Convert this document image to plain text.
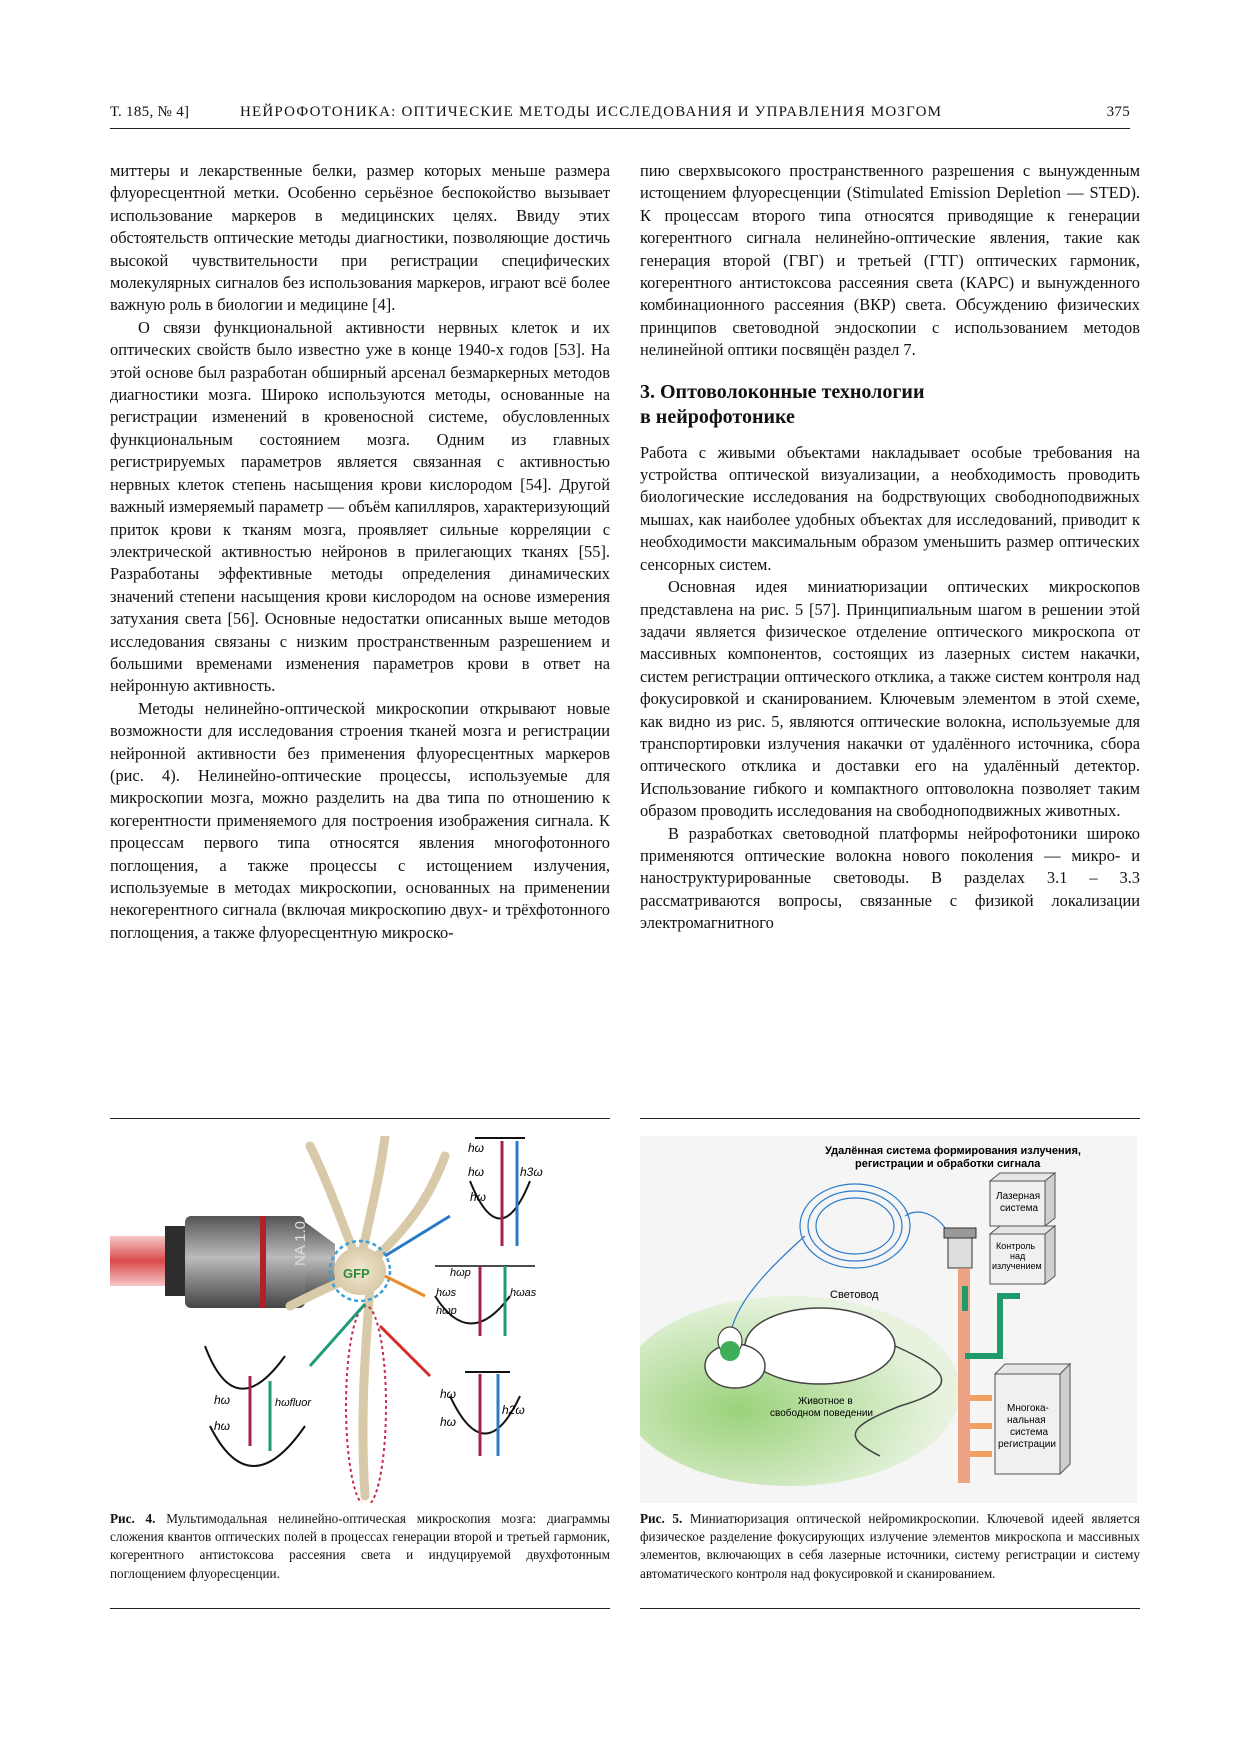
Т. 185, № 4]	НЕЙРОФОТОНИКА: ОПТИЧЕСКИЕ МЕТОДЫ ИССЛЕДОВАНИЯ И УПРАВЛЕНИЯ МОЗГОМ	375

миттеры и лекарственные белки, размер которых меньше размера флуоресцентной метки. Особенно серьёзное беспокойство вызывает использование маркеров в медицинских целях. Ввиду этих обстоятельств оптические методы диагностики, позволяющие достичь высокой чувствительности при регистрации специфических молекулярных сигналов без использования маркеров, играют всё более важную роль в биологии и медицине [4].

О связи функциональной активности нервных клеток и их оптических свойств было известно уже в конце 1940-х годов [53]. На этой основе был разработан обширный арсенал безмаркерных методов диагностики мозга. Широко используются методы, основанные на регистрации изменений в кровеносной системе, обусловленных функциональным состоянием мозга. Одним из главных регистрируемых параметров является связанная с активностью нервных клеток степень насыщения крови кислородом [54]. Другой важный измеряемый параметр — объём капилляров, характеризующий приток крови к тканям мозга, проявляет сильные корреляции с электрической активностью нейронов в прилегающих тканях [55]. Разработаны эффективные методы определения динамических значений степени насыщения крови кислородом на основе измерения затухания света [56]. Основные недостатки описанных выше методов исследования связаны с низким пространственным разрешением и большими временами изменения параметров крови в ответ на нейронную активность.

Методы нелинейно-оптической микроскопии открывают новые возможности для исследования строения тканей мозга и регистрации нейронной активности без применения флуоресцентных маркеров (рис. 4). Нелинейно-оптические процессы, используемые для микроскопии мозга, можно разделить на два типа по отношению к когерентности применяемого для построения изображения сигнала. К процессам первого типа относятся явления многофотонного поглощения, а также процессы с истощением излучения, используемые в методах микроскопии, основанных на применении некогерентного сигнала (включая микроскопию двух- и трёхфотонного поглощения, а также флуоресцентную микроско-

пию сверхвысокого пространственного разрешения с вынужденным истощением флуоресценции (Stimulated Emission Depletion — STED). К процессам второго типа относятся приводящие к генерации когерентного сигнала нелинейно-оптические явления, такие как генерация второй (ГВГ) и третьей (ГТГ) оптических гармоник, когерентного антистоксова рассеяния света (КАРС) и вынужденного комбинационного рассеяния (ВКР) света. Обсуждению физических принципов световодной эндоскопии с использованием методов нелинейной оптики посвящён раздел 7.

3. Оптоволоконные технологии
в нейрофотонике

Работа с живыми объектами накладывает особые требования на устройства оптической визуализации, а необходимость проводить биологические исследования на бодрствующих свободноподвижных мышах, как наиболее удобных объектах для исследований, приводит к необходимости максимальным образом уменьшить размер оптических сенсорных систем.

Основная идея миниатюризации оптических микроскопов представлена на рис. 5 [57]. Принципиальным шагом в решении этой задачи является физическое отделение оптического микроскопа от массивных компонентов, состоящих из лазерных систем накачки, систем регистрации оптического отклика, а также систем контроля над фокусировкой и сканированием. Ключевым элементом в этой схеме, как видно из рис. 5, являются оптические волокна, используемые для транспортировки излучения накачки от удалённого источника, сбора оптического отклика и доставки его на удалённый детектор. Использование гибкого и компактного оптоволокна позволяет таким образом проводить исследования на свободноподвижных животных.

В разработках световодной платформы нейрофотоники широко применяются оптические волокна нового поколения — микро- и наноструктурированные световоды. В разделах 3.1 – 3.3 рассматриваются вопросы, связанные с физикой локализации электромагнитного

NA 1.0
GFP
hω
hω
hω
h3ω
hωp
hωs
hωp
hωas
hω
hω
hωfluor
hω
hω
h2ω
Удалённая система формирования излучения,
регистрации и обработки сигнала
Световод
Лазерная
система
Контроль
над
излучением
Многока-
нальная
система
регистрации
Животное в
свободном поведении
Рис. 4. Мультимодальная нелинейно-оптическая микроскопия мозга: диаграммы сложения квантов оптических полей в процессах генерации второй и третьей гармоник, когерентного антистоксова рассеяния света и индуцируемой двухфотонным поглощением флуоресценции.
Рис. 5. Миниатюризация оптической нейромикроскопии. Ключевой идеей является физическое разделение фокусирующих излучение элементов микроскопа и массивных элементов, включающих в себя лазерные источники, систему регистрации и систему автоматического контроля над фокусировкой и сканированием.
